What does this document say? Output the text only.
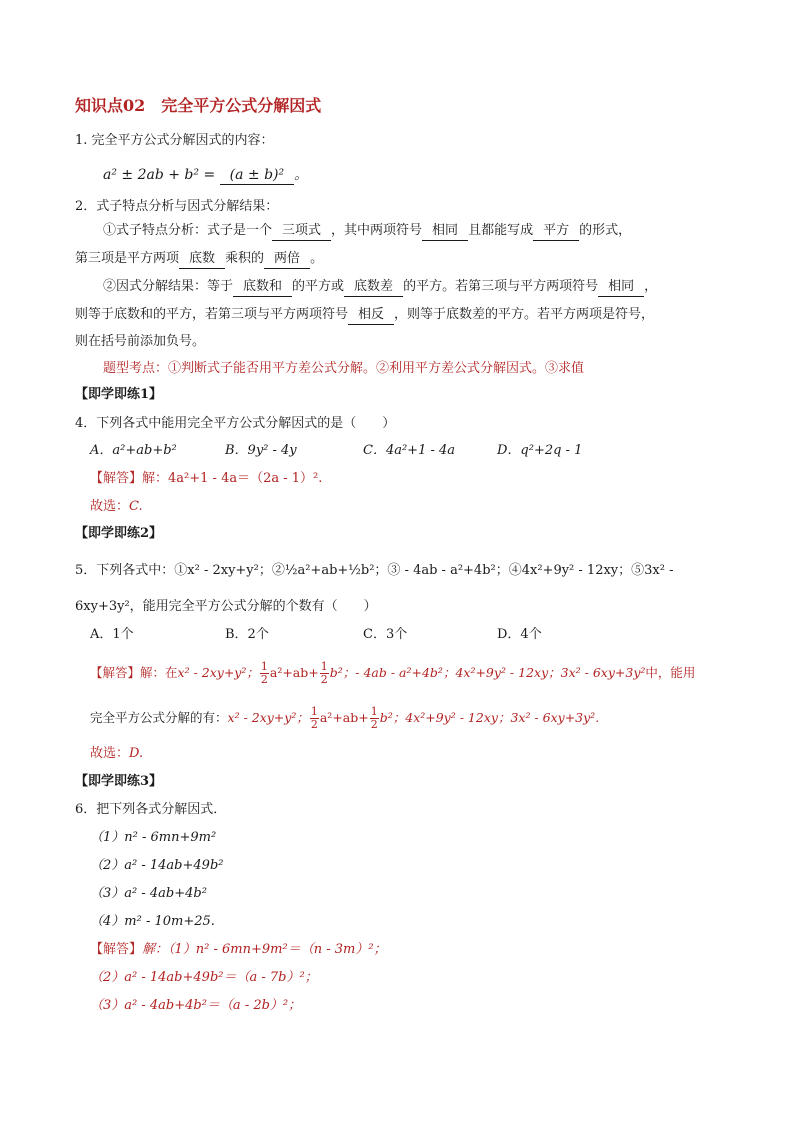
知识点02　完全平方公式分解因式
1. 完全平方公式分解因式的内容：
a² ± 2ab + b² = (a ± b)² 。
2．式子特点分析与因式分解结果：
①式子特点分析：式子是一个 三项式 ，其中两项符号 相同 且都能写成 平方 的形式，
第三项是平方两项 底数 乘积的 两倍 。
②因式分解结果：等于 底数和 的平方或 底数差 的平方。若第三项与平方两项符号 相同 ，
则等于底数和的平方，若第三项与平方两项符号 相反 ，则等于底数差的平方。若平方两项是符号，
则在括号前添加负号。
题型考点：①判断式子能否用平方差公式分解。②利用平方差公式分解因式。③求值
【即学即练1】
4．下列各式中能用完全平方公式分解因式的是（　　）
A．a²+ab+b²	B．9y² - 4y	C．4a²+1 - 4a	D．q²+2q - 1
【解答】解：4a²+1 - 4a＝（2a - 1）².
故选：C.
【即学即练2】
5．下列各式中：①x² - 2xy+y²；②½a²+ab+½b²；③ - 4ab - a²+4b²；④4x²+9y² - 12xy；⑤3x² -
6xy+3y²，能用完全平方公式分解的个数有（　　）
A．1个	B．2个	C．3个	D．4个
【解答】解：在x² - 2xy+y²； $\frac{1}{2} a^2+ab+ \frac{1}{2} b^2$；- 4ab - a²+4b²；4x²+9y² - 12xy；3x² - 6xy+3y²中，能用
完全平方公式分解的有：x² - 2xy+y²； $\frac{1}{2} a^2+ab+ \frac{1}{2} b^2$；4x²+9y² - 12xy；3x² - 6xy+3y².
故选：D.
【即学即练3】
6．把下列各式分解因式．
（1）n² - 6mn+9m²
（2）a² - 14ab+49b²
（3）a² - 4ab+4b²
（4）m² - 10m+25.
【解答】解：（1）n² - 6mn+9m²＝（n - 3m）²；
（2）a² - 14ab+49b²＝（a - 7b）²；
（3）a² - 4ab+4b²＝（a - 2b）²；
